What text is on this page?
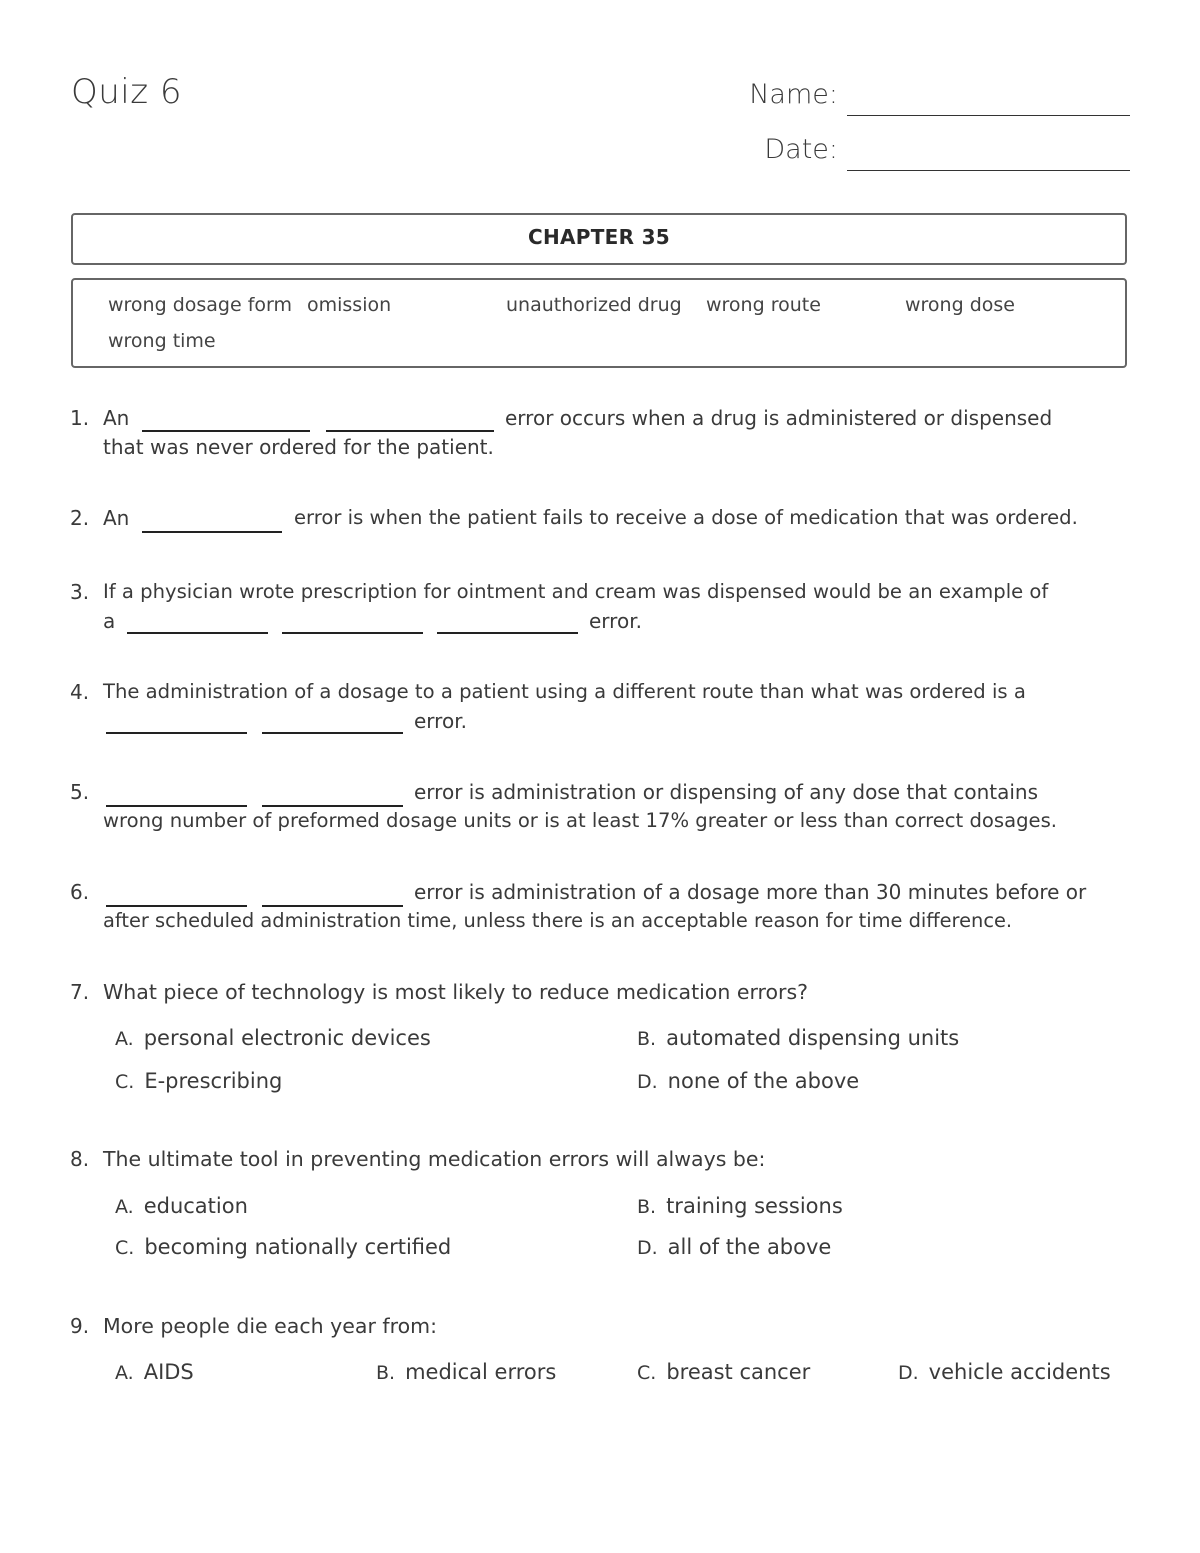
Quiz 6	Name:
Date:
CHAPTER 35
wrong dosage form omission	unauthorized drug wrong route	wrong dose
wrong time
1. An	error occurs when a drug is administered or dispensed
that was never ordered for the patient.
2. An	error is when the patient fails to receive a dose of medication that was ordered.
3. If a physician wrote prescription for ointment and cream was dispensed would be an example of
a	error.
4. The administration of a dosage to a patient using a different route than what was ordered is a
error.
5.	error is administration or dispensing of any dose that contains
wrong number of preformed dosage units or is at least 17% greater or less than correct dosages.
6.	error is administration of a dosage more than 30 minutes before or
after scheduled administration time, unless there is an acceptable reason for time difference.
7. What piece of technology is most likely to reduce medication errors?
A. personal electronic devices	B. automated dispensing units
C. E-prescribing	D. none of the above
8. The ultimate tool in preventing medication errors will always be:
A. education	B. training sessions
C. becoming nationally certified	D. all of the above
9. More people die each year from:
A. AIDS	B. medical errors	C. breast cancer	D. vehicle accidents
